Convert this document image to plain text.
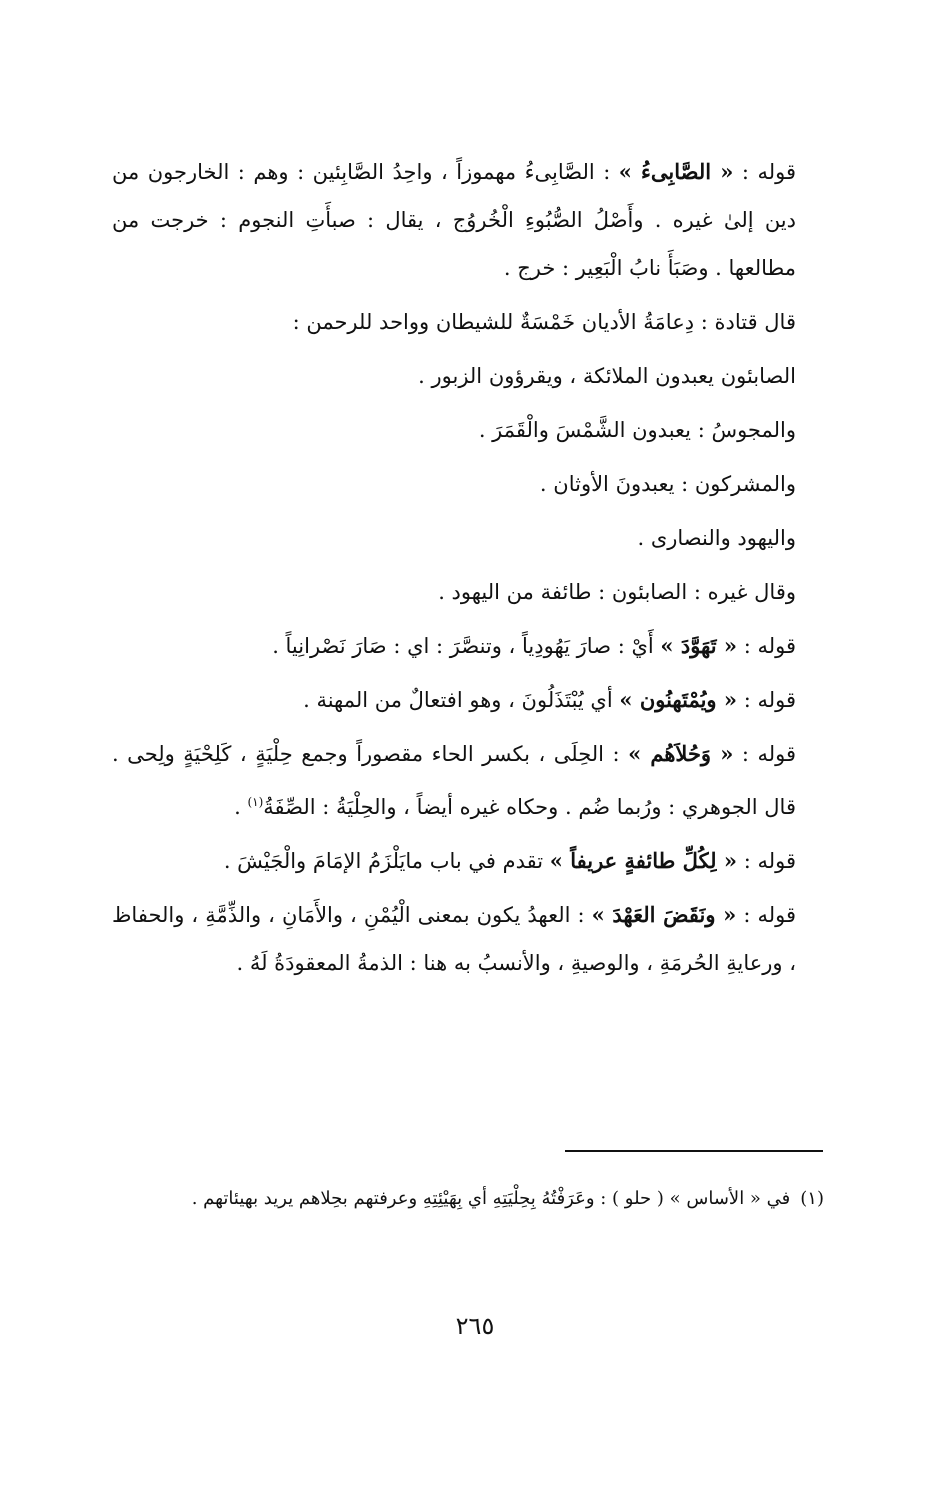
قوله : « الصَّابِىءُ » : الصَّابِىءُ مهموزاً ، واحِدُ الصَّابِئين : وهم : الخارجون من دين إلىٰ غيره . وأَصْلُ الصُّبُوءِ الْخُروُج ، يقال : صبأَتِ النجوم : خرجت من مطالعها . وصَبَأَ نابُ الْبَعِير : خرج .

قال قتادة : دِعامَةُ الأديان خَمْسَةٌ للشيطان وواحد للرحمن :

الصابئون يعبدون الملائكة ، ويقرؤون الزبور .

والمجوسُ : يعبدون الشَّمْسَ والْقَمَرَ .

والمشركون : يعبدونَ الأوثان .

واليهود والنصارى .

وقال غيره : الصابئون : طائفة من اليهود .

قوله : « تَهَوَّدَ » أَيْ : صارَ يَهُودِياً ، وتنصَّرَ : اي : صَارَ نَصْرانِياً .

قوله : « ويُمْتَهنُون » أي يُبْتَذَلُونَ ، وهو افتعالٌ من المهنة .

قوله : « وَحُلاَهُم » : الحِلَى ، بكسر الحاء مقصوراً وجمع حِلْيَةٍ ، كَلِحْيَةٍ ولِحى . قال الجوهري : ورُبما ضُم . وحكاه غيره أيضاً ، والحِلْيَةُ : الصِّفَةُ$^{(١)}$ .

قوله : « لِكُلِّ طائفةٍ عريفاً » تقدم في باب مايَلْزَمُ الإمَامَ والْجَيْشَ .

قوله : « ونَقَضَ العَهْدَ » : العهدُ يكون بمعنى الْيُمْنِ ، والأَمَانِ ، والذِّمَّةِ ، والحفاظ ، ورعايةِ الحُرمَةِ ، والوصيةِ ، والأنسبُ به هنا : الذمةُ المعقودَةُ لَهُ .

(١)في « الأساس » ( حلو ) : وعَرَفْتُهُ بِحِلْيَتِهِ أي بِهَيْئِتِهِ وعرفتهم بحِلاهم يريد بهيئاتهم .
٢٦٥
